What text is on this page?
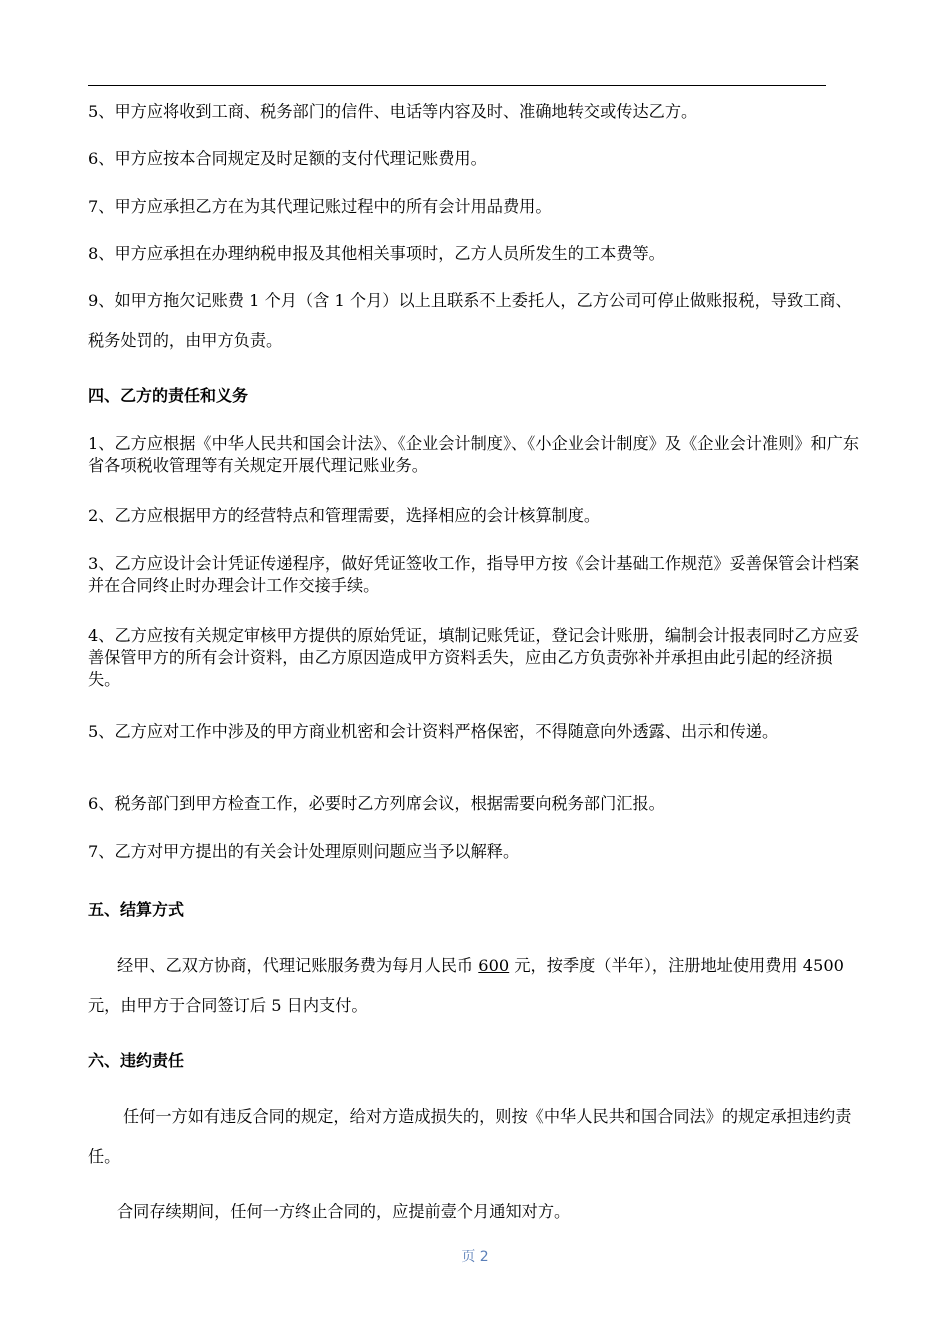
5、甲方应将收到工商、税务部门的信件、电话等内容及时、准确地转交或传达乙方。

6、甲方应按本合同规定及时足额的支付代理记账费用。

7、甲方应承担乙方在为其代理记账过程中的所有会计用品费用。

8、甲方应承担在办理纳税申报及其他相关事项时，乙方人员所发生的工本费等。

9、如甲方拖欠记账费 1 个月（含 1 个月）以上且联系不上委托人，乙方公司可停止做账报税，导致工商、税务处罚的，由甲方负责。

四、乙方的责任和义务

1、乙方应根据《中华人民共和国会计法》、《企业会计制度》、《小企业会计制度》及《企业会计准则》和广东省各项税收管理等有关规定开展代理记账业务。

2、乙方应根据甲方的经营特点和管理需要，选择相应的会计核算制度。

3、乙方应设计会计凭证传递程序，做好凭证签收工作，指导甲方按《会计基础工作规范》妥善保管会计档案并在合同终止时办理会计工作交接手续。

4、乙方应按有关规定审核甲方提供的原始凭证，填制记账凭证，登记会计账册，编制会计报表同时乙方应妥善保管甲方的所有会计资料，由乙方原因造成甲方资料丢失，应由乙方负责弥补并承担由此引起的经济损失。

5、乙方应对工作中涉及的甲方商业机密和会计资料严格保密，不得随意向外透露、出示和传递。

6、税务部门到甲方检查工作，必要时乙方列席会议，根据需要向税务部门汇报。

7、乙方对甲方提出的有关会计处理原则问题应当予以解释。

五、结算方式

经甲、乙双方协商，代理记账服务费为每月人民币 600 元，按季度（半年），注册地址使用费用 4500 元，由甲方于合同签订后 5 日内支付。

六、违约责任

任何一方如有违反合同的规定，给对方造成损失的，则按《中华人民共和国合同法》的规定承担违约责任。

合同存续期间，任何一方终止合同的，应提前壹个月通知对方。

页 2
